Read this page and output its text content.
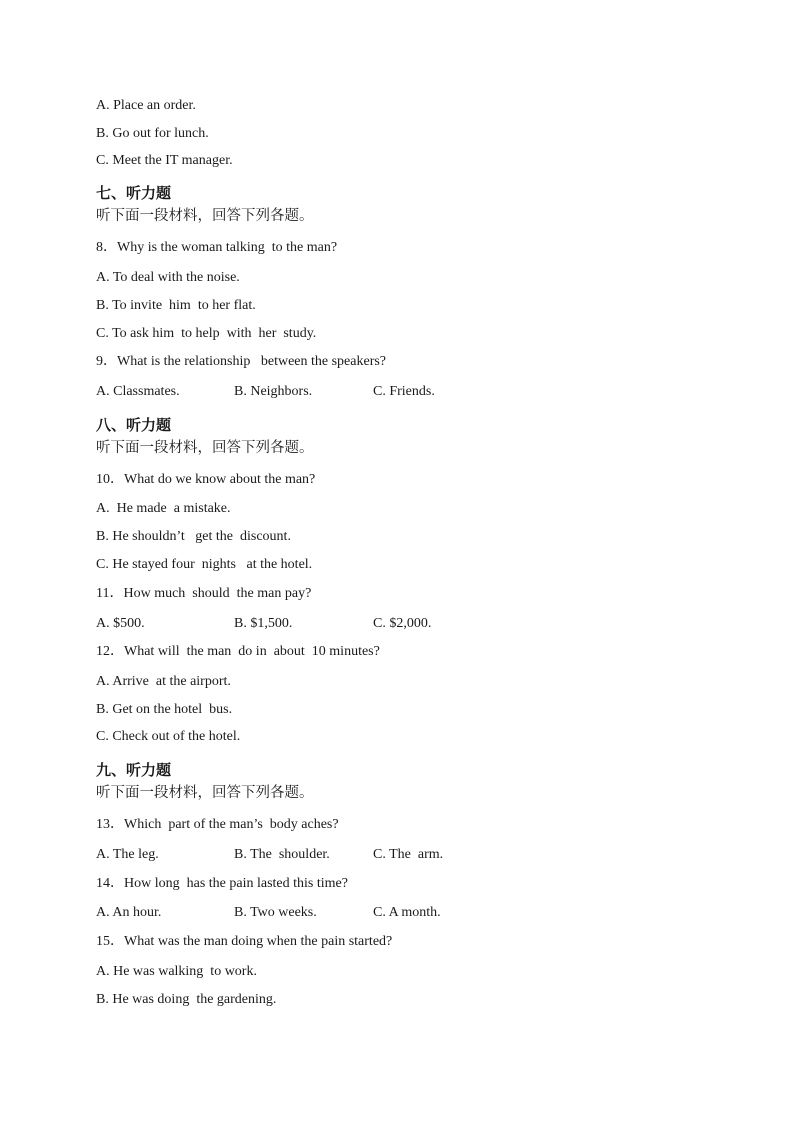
A. Place an order.
B. Go out for lunch.
C. Meet the IT manager.
七、听力题
听下面一段材料，回答下列各题。
8．Why is the woman talking  to the man?
A. To deal with the noise.
B. To invite  him  to her flat.
C. To ask him  to help  with  her  study.
9．What is the relationship   between the speakers?
A. Classmates.	B. Neighbors.	C. Friends.
八、听力题
听下面一段材料，回答下列各题。
10．What do we know about the man?
A.  He made  a mistake.
B. He shouldn’t   get the  discount.
C. He stayed four  nights   at the hotel.
11．How much  should  the man pay?
A. $500.	B. $1,500.	C. $2,000.
12．What will  the man  do in  about  10 minutes?
A. Arrive  at the airport.
B. Get on the hotel  bus.
C. Check out of the hotel.
九、听力题
听下面一段材料，回答下列各题。
13．Which  part of the man’s  body aches?
A. The leg.	B. The  shoulder.	C. The  arm.
14．How long  has the pain lasted this time?
A. An hour.	B. Two weeks.	C. A month.
15．What was the man doing when the pain started?
A. He was walking  to work.
B. He was doing  the gardening.
